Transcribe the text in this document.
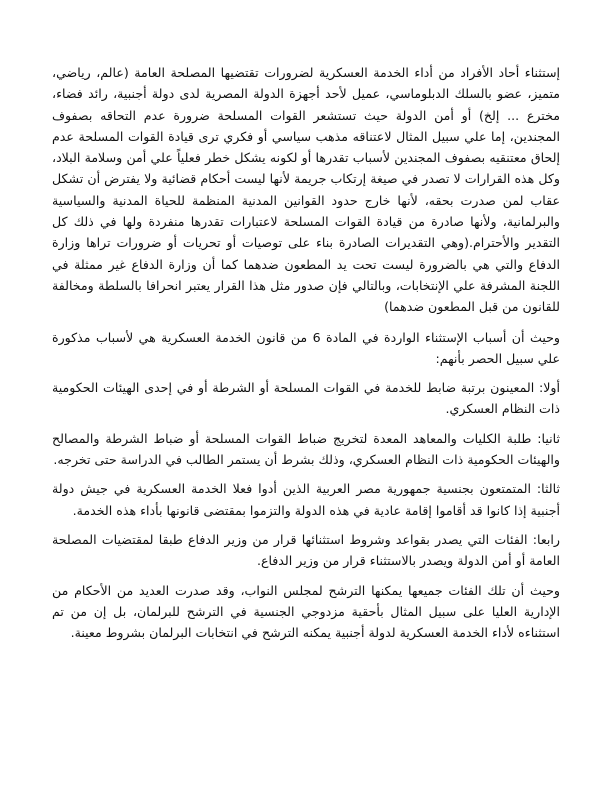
إستثناء أحاد الأفراد من أداء الخدمة العسكرية لضرورات تقتضيها المصلحة العامة (عالم، رياضي، متميز، عضو بالسلك الدبلوماسي، عميل لأحد أجهزة الدولة المصرية لدى دولة أجنبية، رائد فضاء، مخترع ... إلخ) أو أمن الدولة حيث تستشعر القوات المسلحة ضرورة عدم التحاقه بصفوف المجندين، إما علي سبيل المثال لاعتناقه مذهب سياسي أو فكري ترى قيادة القوات المسلحة عدم إلحاق معتنقيه بصفوف المجندين لأسباب تقدرها أو لكونه يشكل خطر فعلياً علي أمن وسلامة البلاد، وكل هذه القرارات لا تصدر في صيغة إرتكاب جريمة لأنها ليست أحكام قضائية ولا يفترض أن تشكل عقاب لمن صدرت بحقه، لأنها خارج حدود القوانين المدنية المنظمة للحياة المدنية والسياسية والبرلمانية، ولأنها صادرة من قيادة القوات المسلحة لاعتبارات تقدرها منفردة ولها في ذلك كل التقدير والأحترام.(وهي التقديرات الصادرة بناء على توصيات أو تحريات أو ضرورات تراها وزارة الدفاع والتي هي بالضرورة ليست تحت يد المطعون ضدهما كما أن وزارة الدفاع غير ممثلة في اللجنة المشرفة علي الإنتخابات، وبالتالي فإن صدور مثل هذا القرار يعتبر انحرافا بالسلطة ومخالفة للقانون من قبل المطعون ضدهما)

وحيث أن أسباب الإستثناء الواردة في المادة 6 من قانون الخدمة العسكرية هي لأسباب مذكورة علي سبيل الحصر بأنهم:

أولا: المعينون برتبة ضابط للخدمة في القوات المسلحة أو الشرطة أو في إحدى الهيئات الحكومية ذات النظام العسكري.

ثانيا: طلبة الكليات والمعاهد المعدة لتخريج ضباط القوات المسلحة أو ضباط الشرطة والمصالح والهيئات الحكومية ذات النظام العسكري، وذلك بشرط أن يستمر الطالب في الدراسة حتى تخرجه.

ثالثا: المتمتعون بجنسية جمهورية مصر العربية الذين أدوا فعلا الخدمة العسكرية في جيش دولة أجنبية إذا كانوا قد أقاموا إقامة عادية في هذه الدولة والتزموا بمقتضى قانونها بأداء هذه الخدمة.

رابعا: الفئات التي يصدر بقواعد وشروط استثنائها قرار من وزير الدفاع طبقا لمقتضيات المصلحة العامة أو أمن الدولة ويصدر بالاستثناء قرار من وزير الدفاع.

وحيث أن تلك الفئات جميعها يمكنها الترشح لمجلس النواب، وقد صدرت العديد من الأحكام من الإدارية العليا على سبيل المثال بأحقية مزدوجي الجنسية في الترشح للبرلمان، بل إن من تم استثناءه لأداء الخدمة العسكرية لدولة أجنبية يمكنه الترشح في انتخابات البرلمان بشروط معينة.
